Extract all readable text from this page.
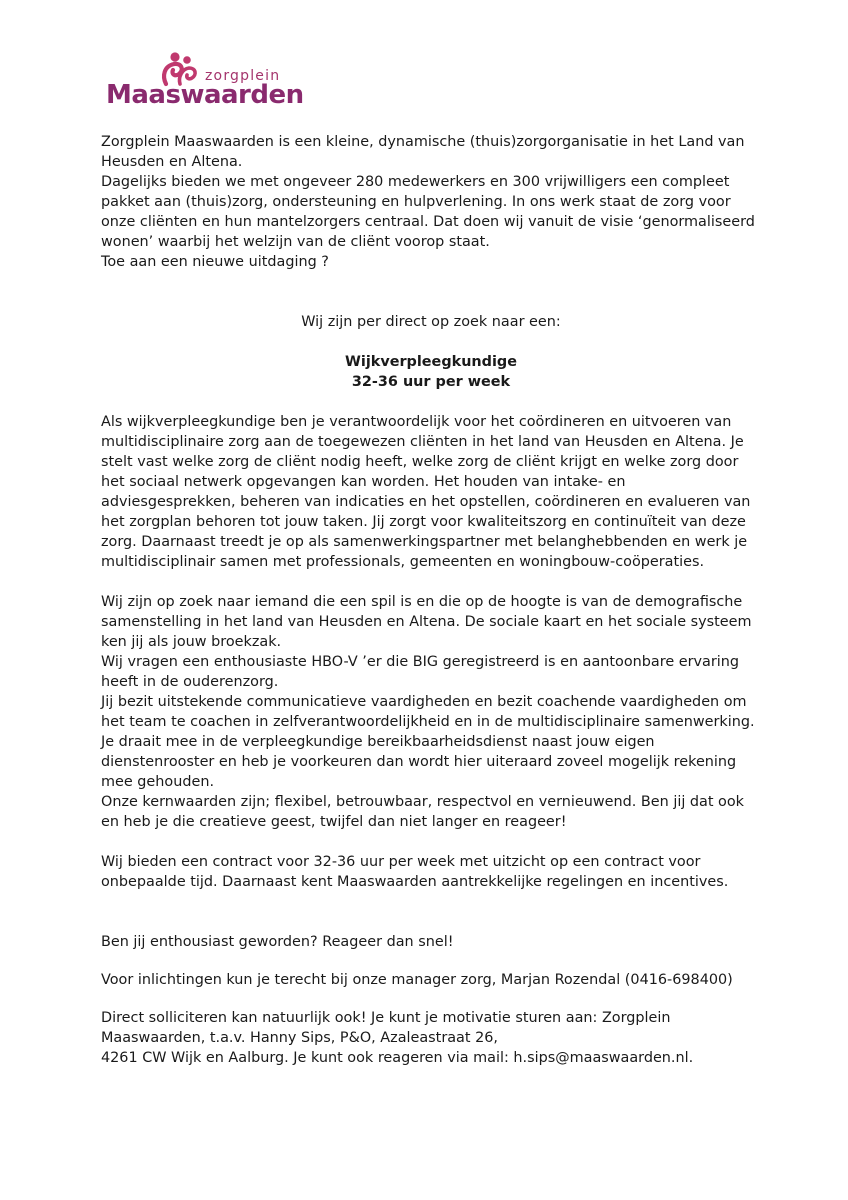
zorgplein
Maaswaarden

Zorgplein Maaswaarden is een kleine, dynamische (thuis)zorgorganisatie in het Land van Heusden en Altena.

Dagelijks bieden we met ongeveer 280 medewerkers en 300 vrijwilligers een compleet pakket aan (thuis)zorg, ondersteuning en hulpverlening. In ons werk staat de zorg voor onze cliënten en hun mantelzorgers centraal. Dat doen wij vanuit de visie ‘genormaliseerd wonen’ waarbij het welzijn van de cliënt voorop staat.

Toe aan een nieuwe uitdaging ?

Wij zijn per direct op zoek naar een:

Wijkverpleegkundige

32-36 uur per week

Als wijkverpleegkundige ben je verantwoordelijk voor het coördineren en uitvoeren van multidisciplinaire zorg aan de toegewezen cliënten in het land van Heusden en Altena. Je stelt vast welke zorg de cliënt nodig heeft, welke zorg de cliënt krijgt en welke zorg door het sociaal netwerk opgevangen kan worden. Het houden van intake- en adviesgesprekken, beheren van indicaties en het opstellen, coördineren en evalueren van het zorgplan behoren tot jouw taken. Jij zorgt voor kwaliteitszorg en continuïteit van deze zorg. Daarnaast treedt je op als samenwerkingspartner met belanghebbenden en werk je multidisciplinair samen met professionals, gemeenten en woningbouw-coöperaties.

Wij zijn op zoek naar iemand die een spil is en die op de hoogte is van de demografische samenstelling in het land van Heusden en Altena. De sociale kaart en het sociale systeem ken jij als jouw broekzak.

Wij vragen een enthousiaste HBO-V ’er die BIG geregistreerd is en aantoonbare ervaring heeft in de ouderenzorg.

Jij bezit uitstekende communicatieve vaardigheden en bezit coachende vaardigheden om het team te coachen in zelfverantwoordelijkheid en in de multidisciplinaire samenwerking.

Je draait mee in de verpleegkundige bereikbaarheidsdienst naast jouw eigen dienstenrooster en heb je voorkeuren dan wordt hier uiteraard zoveel mogelijk rekening mee gehouden.

Onze kernwaarden zijn; flexibel, betrouwbaar, respectvol en vernieuwend. Ben jij dat ook en heb je die creatieve geest, twijfel dan niet langer en reageer!

Wij bieden een contract voor 32-36 uur per week met uitzicht op een contract voor onbepaalde tijd. Daarnaast kent Maaswaarden aantrekkelijke regelingen en incentives.

Ben jij enthousiast geworden? Reageer dan snel!

Voor inlichtingen kun je terecht bij onze manager zorg, Marjan Rozendal (0416-698400)

Direct solliciteren kan natuurlijk ook! Je kunt je motivatie sturen aan: Zorgplein Maaswaarden, t.a.v. Hanny Sips, P&O, Azaleastraat 26,

4261 CW Wijk en Aalburg. Je kunt ook reageren via mail: h.sips@maaswaarden.nl.
